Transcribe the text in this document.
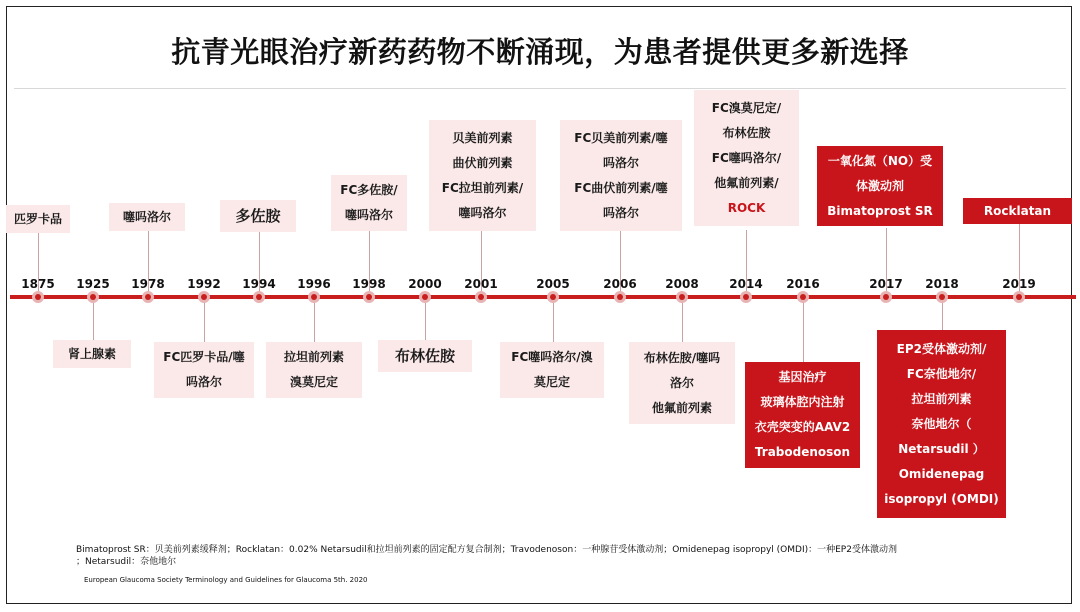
抗青光眼治疗新药药物不断涌现，为患者提供更多新选择
1875	1925	1978	1992	1994	1996	1998	2000	2001	2005	2006	2008	2014	2016	2017	2018	2019
匹罗卡品	噻吗洛尔	多佐胺
FC多佐胺/
噻吗洛尔
贝美前列素
曲伏前列素
FC拉坦前列素/
噻吗洛尔
FC贝美前列素/噻
吗洛尔
FC曲伏前列素/噻
吗洛尔
FC溴莫尼定/
布林佐胺
FC噻吗洛尔/
他氟前列素/
ROCK
一氧化氮（NO）受
体激动剂
Bimatoprost SR	Rocklatan
肾上腺素	FC匹罗卡品/噻
吗洛尔
拉坦前列素
溴莫尼定
布林佐胺	FC噻吗洛尔/溴
莫尼定
布林佐胺/噻吗
洛尔
他氟前列素
基因治疗
玻璃体腔内注射
衣壳突变的AAV2
Trabodenoson
EP2受体激动剂/
FC奈他地尔/
拉坦前列素
奈他地尔（
Netarsudil ）
Omidenepag
isopropyl (OMDI)
Bimatoprost SR：贝美前列素缓释剂；Rocklatan：0.02% Netarsudil和拉坦前列素的固定配方复合制剂；Travodenoson：一种腺苷受体激动剂；Omidenepag isopropyl (OMDI)：一种EP2受体激动剂
；Netarsudil：奈他地尔
European Glaucoma Society Terminology and Guidelines for Glaucoma 5th. 2020
